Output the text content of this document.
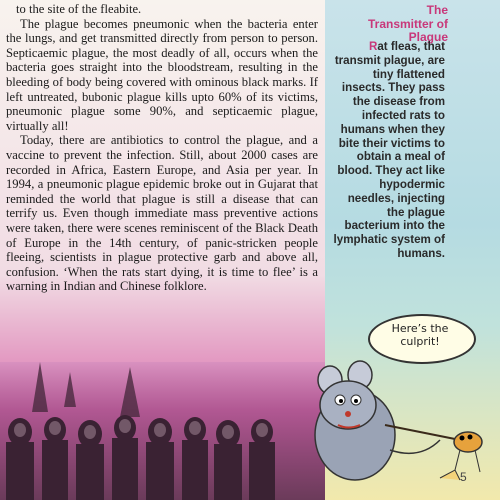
to the site of the fleabite.

The plague becomes pneumonic when the bacteria enter the lungs, and get transmitted directly from person to person. Septicaemic plague, the most deadly of all, occurs when the bacteria goes straight into the bloodstream, resulting in the bleeding of body being covered with ominous black marks. If left untreated, bubonic plague kills upto 60% of its victims, pneumonic plague some 90%, and septicaemic plague, virtually all!

Today, there are antibiotics to control the plague, and a vaccine to prevent the infection. Still, about 2000 cases are recorded in Africa, Eastern Europe, and Asia per year. In 1994, a pneumonic plague epidemic broke out in Gujarat that reminded the world that plague is still a disease that can terrify us. Even though immediate mass preventive actions were taken, there were scenes reminiscent of the Black Death of Europe in the 14th century, of panic-stricken people fleeing, scientists in plague protective garb and above all, confusion. ‘When the rats start dying, it is time to flee’ is a warning in Indian and Chinese folklore.

The
Transmitter of
Plague
Rat fleas, that transmit plague, are tiny flattened insects. They pass the disease from infected rats to humans when they bite their victims to obtain a meal of blood. They act like hypodermic needles, injecting the plague bacterium into the lymphatic system of humans.
Here’s the
culprit!
5
